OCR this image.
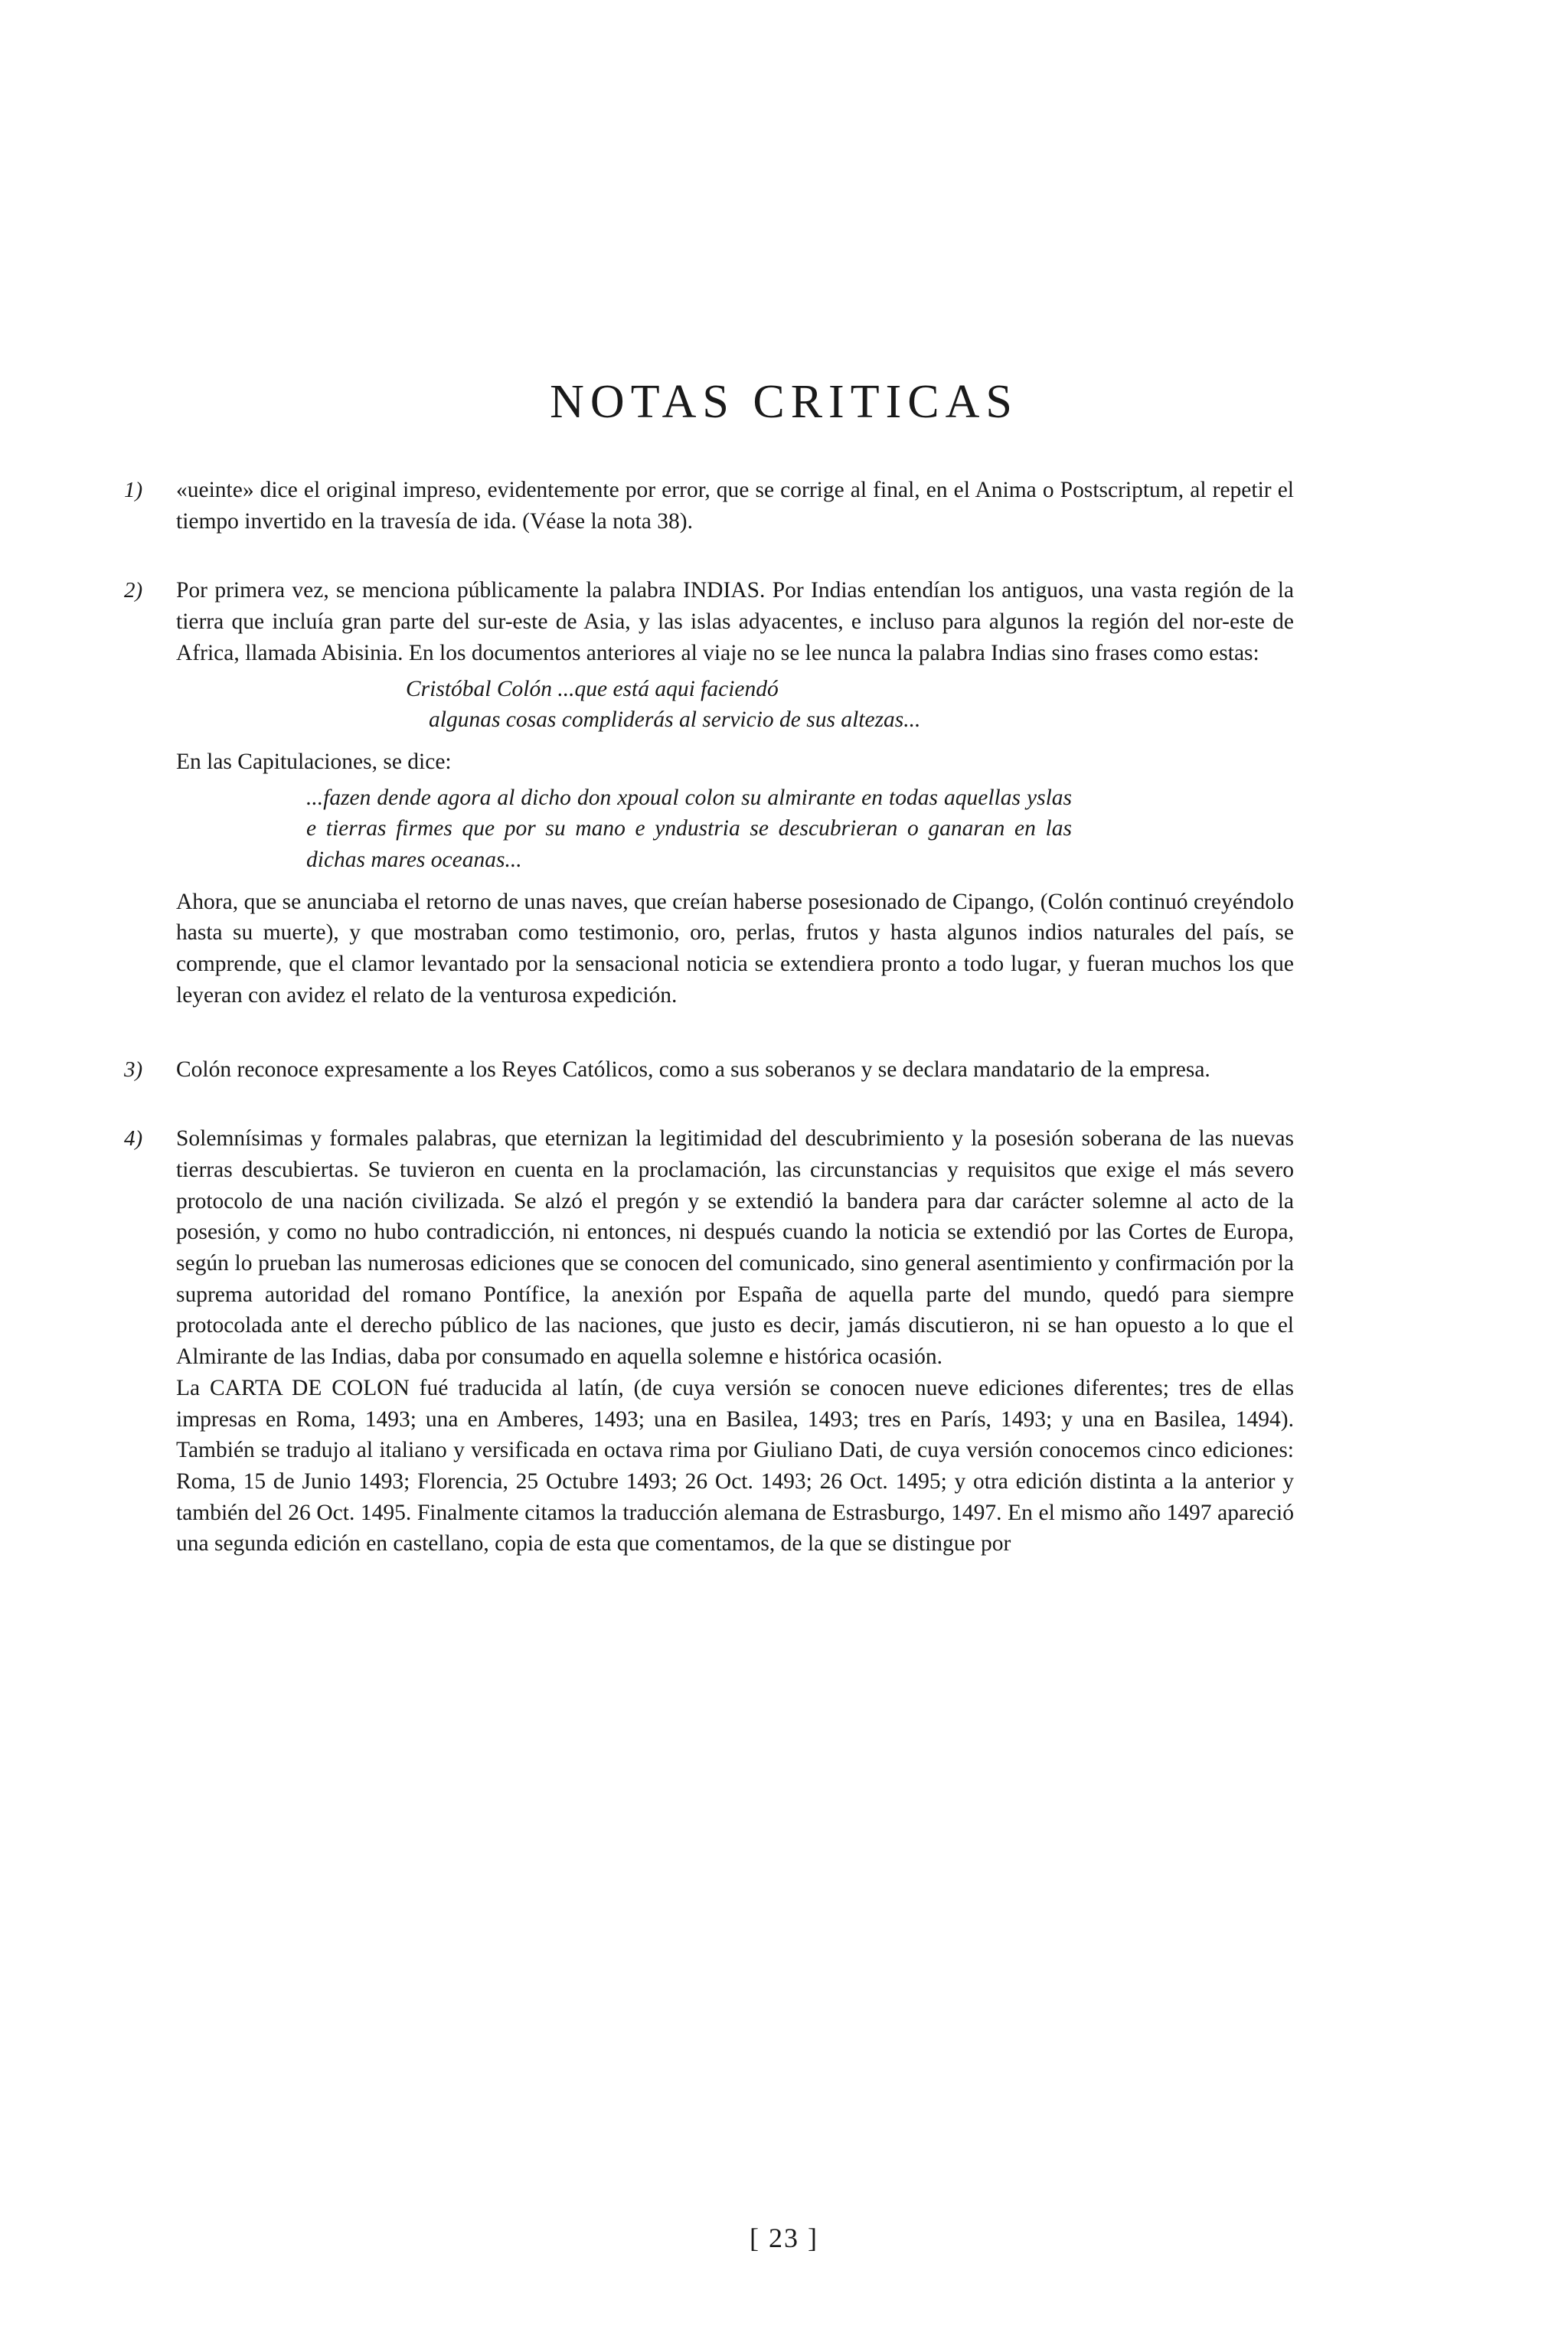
NOTAS CRITICAS
1) «ueinte» dice el original impreso, evidentemente por error, que se corrige al final, en el Anima o Postscriptum, al repetir el tiempo invertido en la travesía de ida. (Véase la nota 38).

2) Por primera vez, se menciona públicamente la palabra INDIAS. Por Indias entendían los antiguos, una vasta región de la tierra que incluía gran parte del sur-este de Asia, y las islas adyacentes, e incluso para algunos la región del nor-este de Africa, llamada Abisinia. En los documentos anteriores al viaje no se lee nunca la palabra Indias sino frases como estas:

Cristóbal Colón ...que está aqui faciendó
algunas cosas compliderás al servicio de sus altezas...

En las Capitulaciones, se dice:

...fazen dende agora al dicho don xpoual colon su almirante en todas aquellas yslas e tierras firmes que por su mano e yndustria se descubrieran o ganaran en las dichas mares oceanas...

Ahora, que se anunciaba el retorno de unas naves, que creían haberse posesionado de Cipango, (Colón continuó creyéndolo hasta su muerte), y que mostraban como testimonio, oro, perlas, frutos y hasta algunos indios naturales del país, se comprende, que el clamor levantado por la sensacional noticia se extendiera pronto a todo lugar, y fueran muchos los que leyeran con avidez el relato de la venturosa expedición.

3) Colón reconoce expresamente a los Reyes Católicos, como a sus soberanos y se declara mandatario de la empresa.

4) Solemnísimas y formales palabras, que eternizan la legitimidad del descubrimiento y la posesión soberana de las nuevas tierras descubiertas. Se tuvieron en cuenta en la proclamación, las circunstancias y requisitos que exige el más severo protocolo de una nación civilizada. Se alzó el pregón y se extendió la bandera para dar carácter solemne al acto de la posesión, y como no hubo contradicción, ni entonces, ni después cuando la noticia se extendió por las Cortes de Europa, según lo prueban las numerosas ediciones que se conocen del comunicado, sino general asentimiento y confirmación por la suprema autoridad del romano Pontífice, la anexión por España de aquella parte del mundo, quedó para siempre protocolada ante el derecho público de las naciones, que justo es decir, jamás discutieron, ni se han opuesto a lo que el Almirante de las Indias, daba por consumado en aquella solemne e histórica ocasión.

La CARTA DE COLON fué traducida al latín, (de cuya versión se conocen nueve ediciones diferentes; tres de ellas impresas en Roma, 1493; una en Amberes, 1493; una en Basilea, 1493; tres en París, 1493; y una en Basilea, 1494). También se tradujo al italiano y versificada en octava rima por Giuliano Dati, de cuya versión conocemos cinco ediciones: Roma, 15 de Junio 1493; Florencia, 25 Octubre 1493; 26 Oct. 1493; 26 Oct. 1495; y otra edición distinta a la anterior y también del 26 Oct. 1495. Finalmente citamos la traducción alemana de Estrasburgo, 1497. En el mismo año 1497 apareció una segunda edición en castellano, copia de esta que comentamos, de la que se distingue por

[ 23 ]
